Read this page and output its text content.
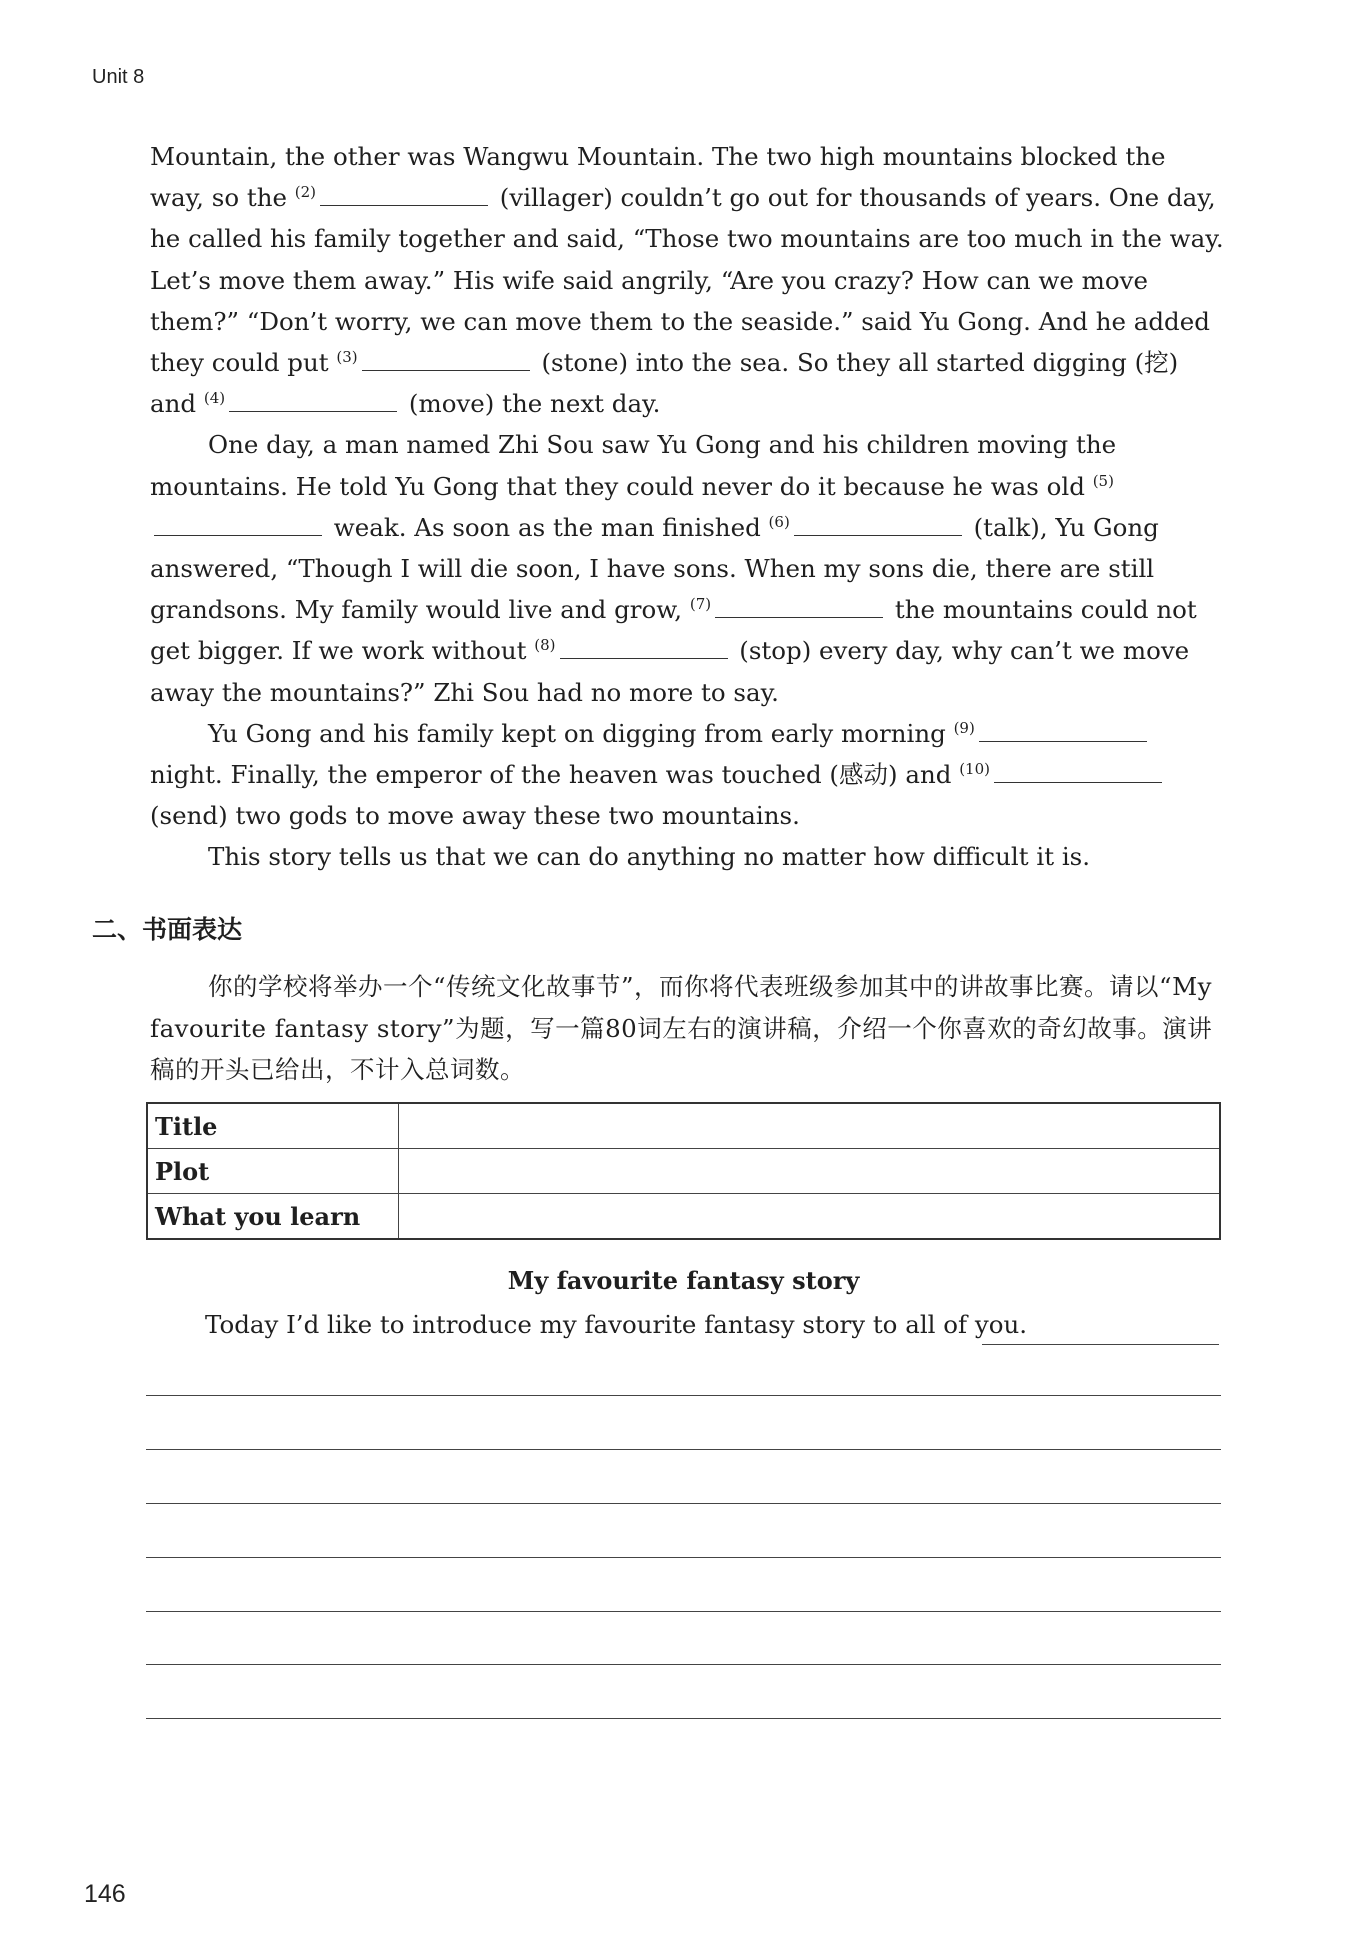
Unit 8

Mountain, the other was Wangwu Mountain. The two high mountains blocked the way, so the $^{(2)}$	(villager) couldn’t go out for thousands of years. One day, he called his family together and said, “Those two mountains are too much in the way. Let’s move them away.” His wife said angrily, “Are you crazy? How can we move them?” “Don’t worry, we can move them to the seaside.” said Yu Gong. And he added they could put $^{(3)}$	(stone) into the sea. So they all started digging (挖) and $^{(4)}$	(move) the next day.

One day, a man named Zhi Sou saw Yu Gong and his children moving the mountains. He told Yu Gong that they could never do it because he was old $^{(5)}$ weak. As soon as the man finished $^{(6)}$	(talk), Yu Gong answered, “Though I will die soon, I have sons. When my sons die, there are still grandsons. My family would live and grow, $^{(7)}$	the mountains could not get bigger. If we work without $^{(8)}$	(stop) every day, why can’t we move away the mountains?” Zhi Sou had no more to say.

Yu Gong and his family kept on digging from early morning $^{(9)}$ night. Finally, the emperor of the heaven was touched (感动) and $^{(10)}$ (send) two gods to move away these two mountains.

This story tells us that we can do anything no matter how difficult it is.

二、书面表达
你的学校将举办一个“传统文化故事节”，而你将代表班级参加其中的讲故事比赛。请以“My favourite fantasy story”为题，写一篇80词左右的演讲稿，介绍一个你喜欢的奇幻故事。演讲稿的开头已给出，不计入总词数。
Title	
Plot	
What you learn	
My favourite fantasy story
Today I’d like to introduce my favourite fantasy story to all of you.
146
